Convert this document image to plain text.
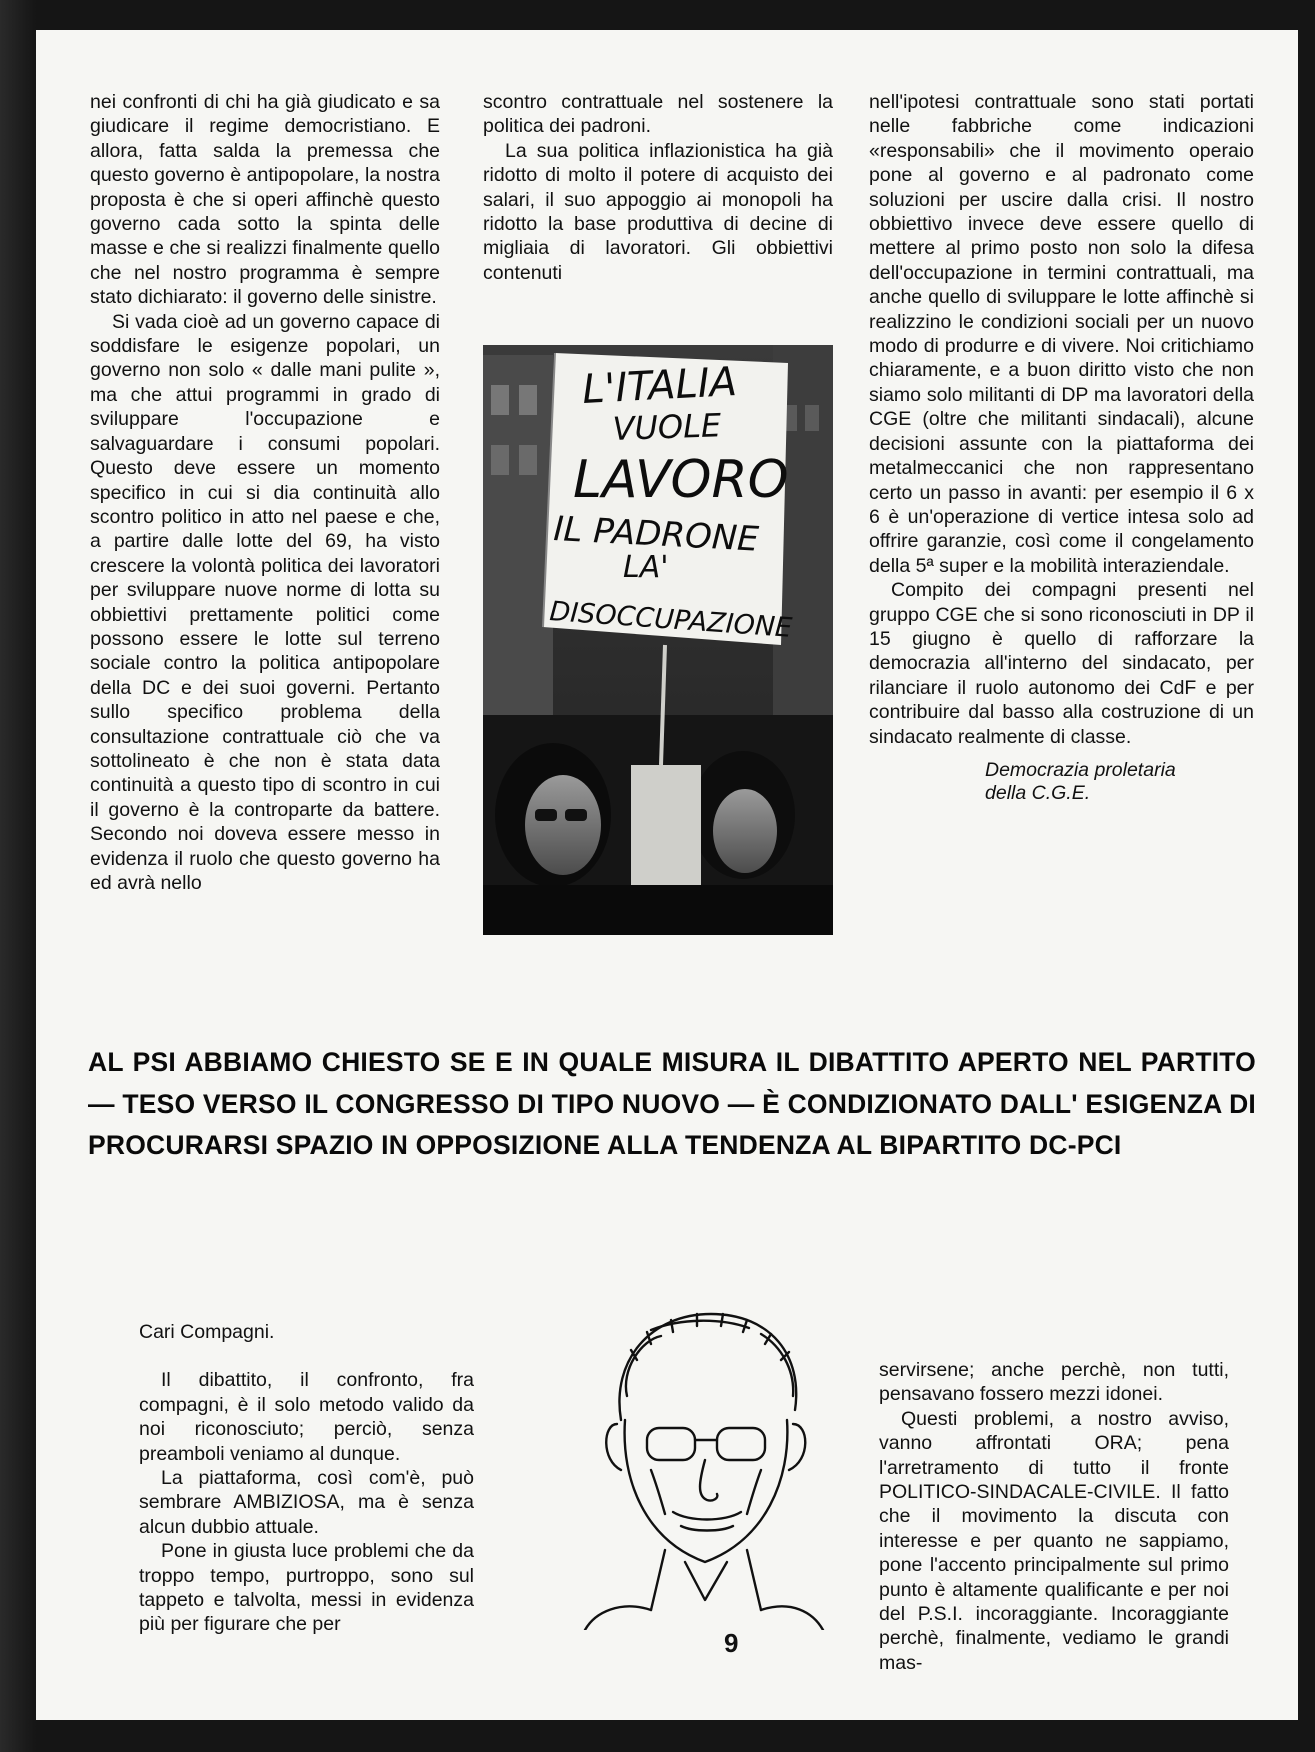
nei confronti di chi ha già giudicato e sa giudicare il regime democristiano. E allora, fatta salda la premessa che questo governo è antipopolare, la nostra proposta è che si operi affinchè questo governo cada sotto la spinta delle masse e che si realizzi finalmente quello che nel nostro programma è sempre stato dichiarato: il governo delle sinistre.

Si vada cioè ad un governo capace di soddisfare le esigenze popolari, un governo non solo « dalle mani pulite », ma che attui programmi in grado di sviluppare l'occupazione e salvaguardare i consumi popolari. Questo deve essere un momento specifico in cui si dia continuità allo scontro politico in atto nel paese e che, a partire dalle lotte del 69, ha visto crescere la volontà politica dei lavoratori per sviluppare nuove norme di lotta su obbiettivi prettamente politici come possono essere le lotte sul terreno sociale contro la politica antipopolare della DC e dei suoi governi. Pertanto sullo specifico problema della consultazione contrattuale ciò che va sottolineato è che non è stata data continuità a questo tipo di scontro in cui il governo è la controparte da battere. Secondo noi doveva essere messo in evidenza il ruolo che questo governo ha ed avrà nello

scontro contrattuale nel sostenere la politica dei padroni.

La sua politica inflazionistica ha già ridotto di molto il potere di acquisto dei salari, il suo appoggio ai monopoli ha ridotto la base produttiva di decine di migliaia di lavoratori. Gli obbiettivi contenuti

L'ITALIA
VUOLE
LAVORO
IL PADRONE
LA'
DISOCCUPAZIONE

nell'ipotesi contrattuale sono stati portati nelle fabbriche come indicazioni «responsabili» che il movimento operaio pone al governo e al padronato come soluzioni per uscire dalla crisi. Il nostro obbiettivo invece deve essere quello di mettere al primo posto non solo la difesa dell'occupazione in termini contrattuali, ma anche quello di sviluppare le lotte affinchè si realizzino le condizioni sociali per un nuovo modo di produrre e di vivere. Noi critichiamo chiaramente, e a buon diritto visto che non siamo solo militanti di DP ma lavoratori della CGE (oltre che militanti sindacali), alcune decisioni assunte con la piattaforma dei metalmeccanici che non rappresentano certo un passo in avanti: per esempio il 6 x 6 è un'operazione di vertice intesa solo ad offrire garanzie, così come il congelamento della 5ª super e la mobilità interaziendale.

Compito dei compagni presenti nel gruppo CGE che si sono riconosciuti in DP il 15 giugno è quello di rafforzare la democrazia all'interno del sindacato, per rilanciare il ruolo autonomo dei CdF e per contribuire dal basso alla costruzione di un sindacato realmente di classe.

Democrazia proletaria
della C.G.E.

AL PSI ABBIAMO CHIESTO SE E IN QUALE MISURA IL DIBATTITO APERTO NEL PARTITO — TESO VERSO IL CONGRESSO DI TIPO NUOVO — È CONDIZIONATO DALL' ESIGENZA DI PROCURARSI SPAZIO IN OPPOSIZIONE ALLA TENDENZA AL BIPARTITO DC-PCI

Cari Compagni.

Il dibattito, il confronto, fra compagni, è il solo metodo valido da noi riconosciuto; perciò, senza preamboli veniamo al dunque.

La piattaforma, così com'è, può sembrare AMBIZIOSA, ma è senza alcun dubbio attuale.

Pone in giusta luce problemi che da troppo tempo, purtroppo, sono sul tappeto e talvolta, messi in evidenza più per figurare che per

servirsene; anche perchè, non tutti, pensavano fossero mezzi idonei.

Questi problemi, a nostro avviso, vanno affrontati ORA; pena l'arretramento di tutto il fronte POLITICO-SINDACALE-CIVILE. Il fatto che il movimento la discuta con interesse e per quanto ne sappiamo, pone l'accento principalmente sul primo punto è altamente qualificante e per noi del P.S.I. incoraggiante. Incoraggiante perchè, finalmente, vediamo le grandi mas-

9
